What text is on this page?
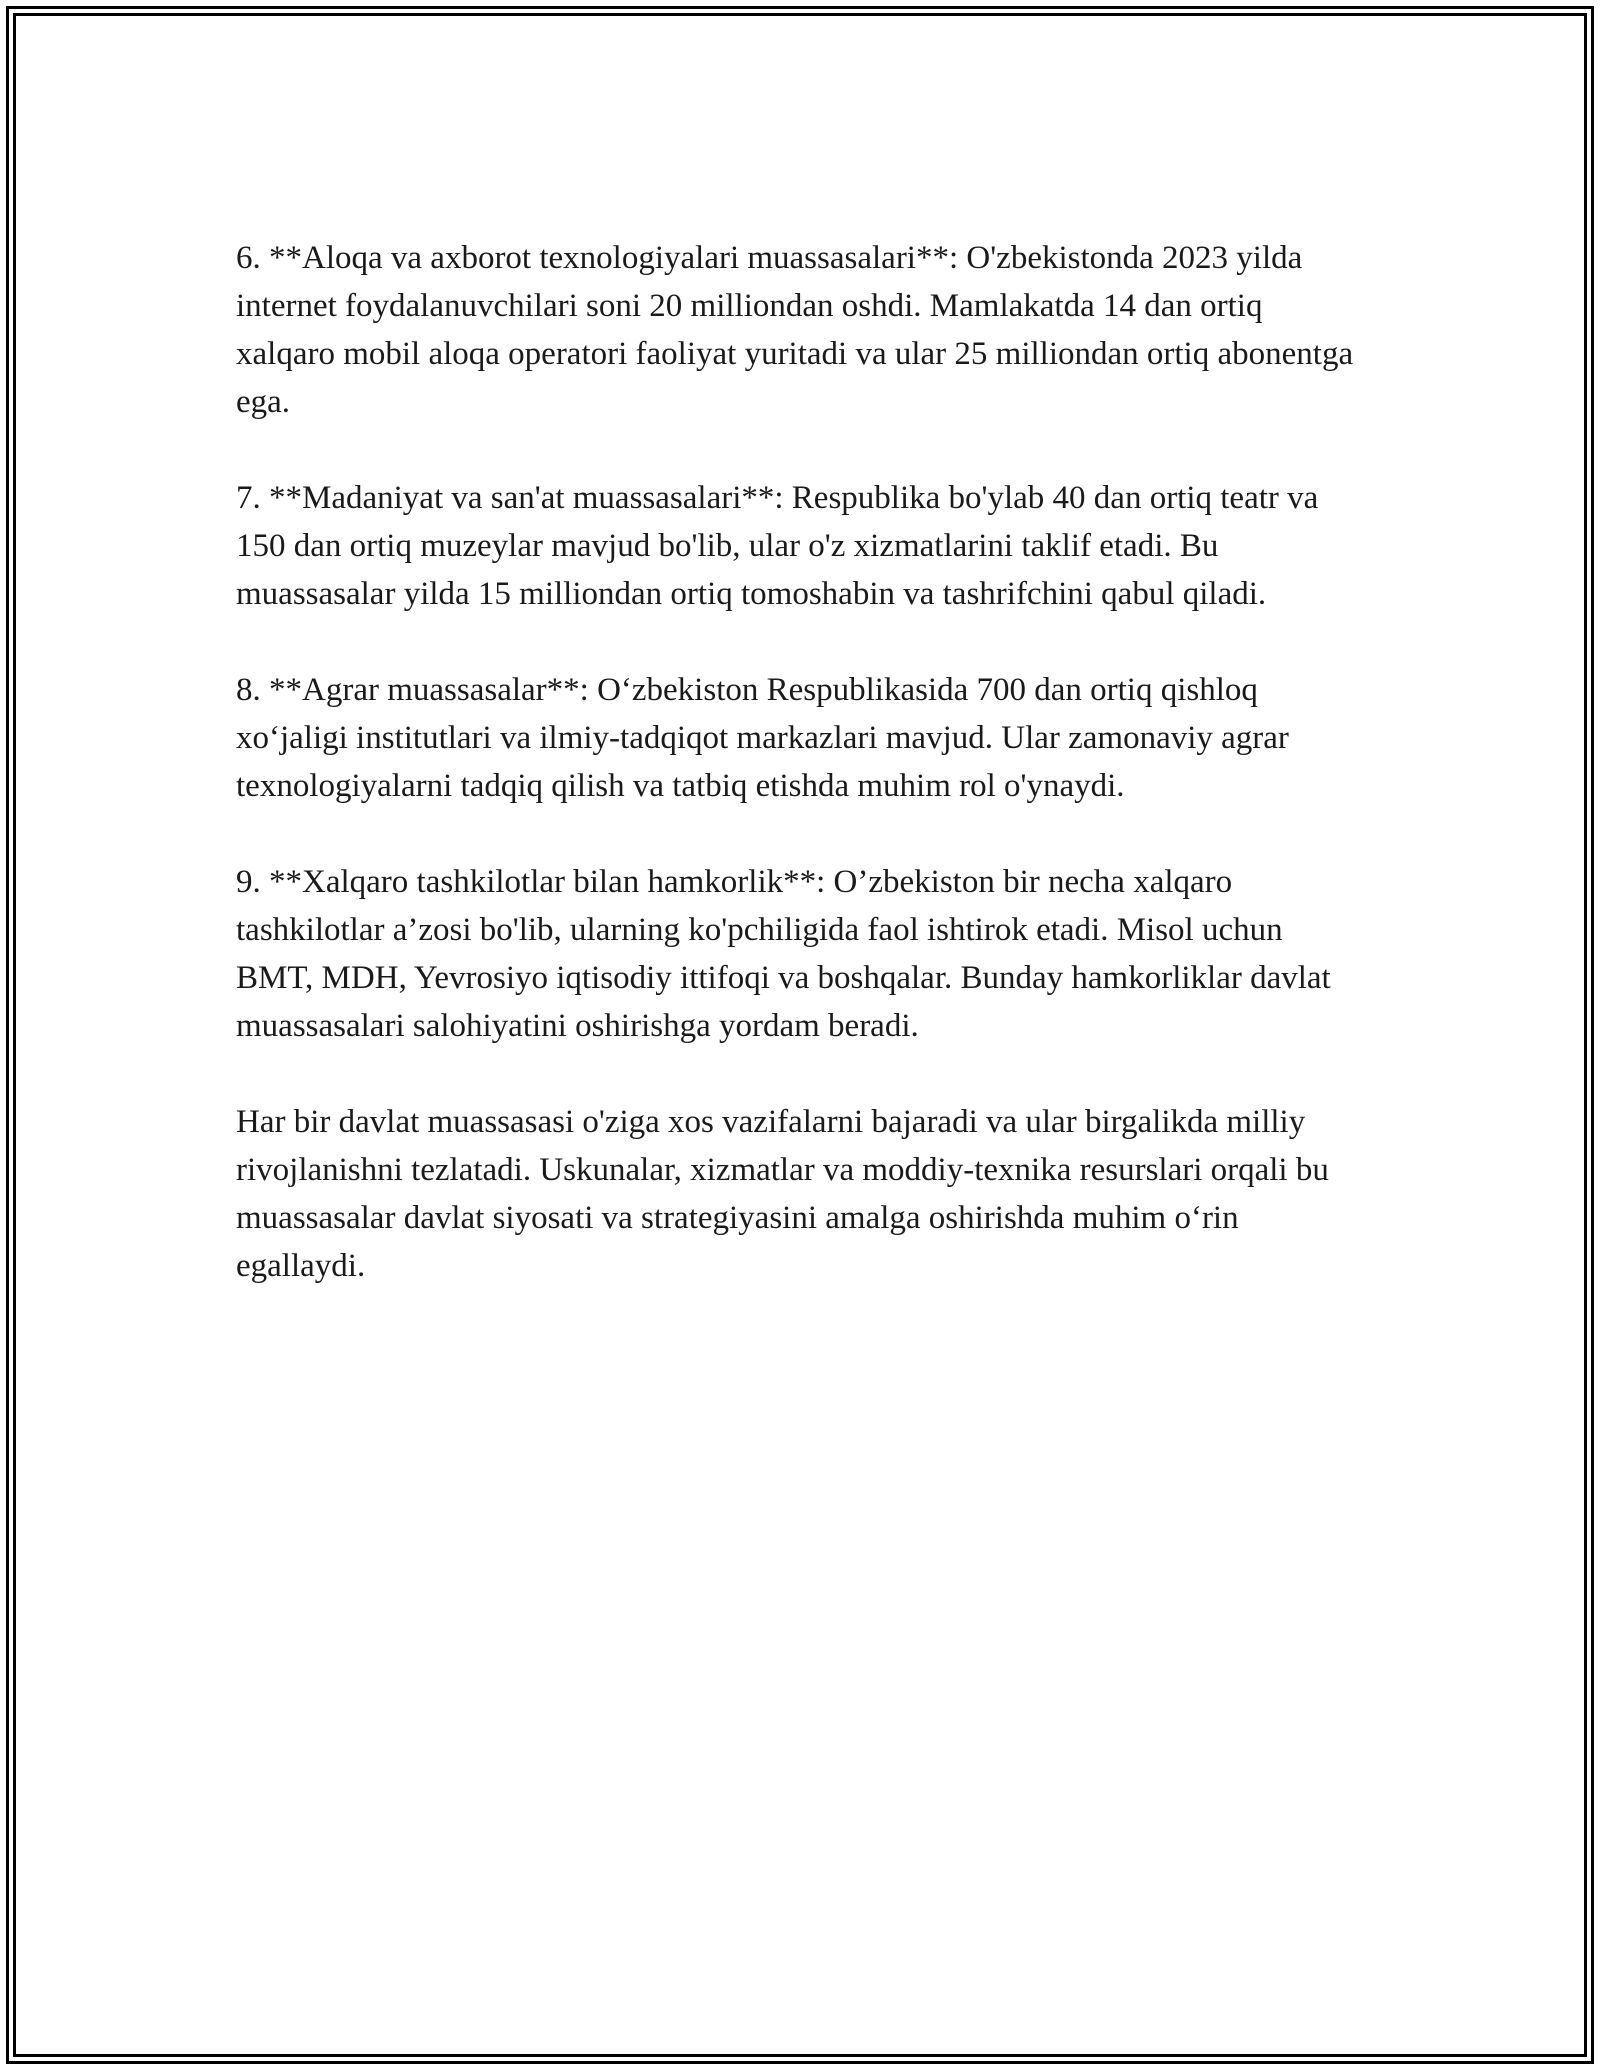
6. **Aloqa va axborot texnologiyalari muassasalari**: O'zbekistonda 2023 yilda internet foydalanuvchilari soni 20 milliondan oshdi. Mamlakatda 14 dan ortiq xalqaro mobil aloqa operatori faoliyat yuritadi va ular 25 milliondan ortiq abonentga ega.

7. **Madaniyat va san'at muassasalari**: Respublika bo'ylab 40 dan ortiq teatr va 150 dan ortiq muzeylar mavjud bo'lib, ular o'z xizmatlarini taklif etadi. Bu muassasalar yilda 15 milliondan ortiq tomoshabin va tashrifchini qabul qiladi.

8. **Agrar muassasalar**: O‘zbekiston Respublikasida 700 dan ortiq qishloq xo‘jaligi institutlari va ilmiy-tadqiqot markazlari mavjud. Ular zamonaviy agrar texnologiyalarni tadqiq qilish va tatbiq etishda muhim rol o'ynaydi.

9. **Xalqaro tashkilotlar bilan hamkorlik**: O’zbekiston bir necha xalqaro tashkilotlar a’zosi bo'lib, ularning ko'pchiligida faol ishtirok etadi. Misol uchun BMT, MDH, Yevrosiyo iqtisodiy ittifoqi va boshqalar. Bunday hamkorliklar davlat muassasalari salohiyatini oshirishga yordam beradi.

Har bir davlat muassasasi o'ziga xos vazifalarni bajaradi va ular birgalikda milliy rivojlanishni tezlatadi. Uskunalar, xizmatlar va moddiy-texnika resurslari orqali bu muassasalar davlat siyosati va strategiyasini amalga oshirishda muhim o‘rin egallaydi.
